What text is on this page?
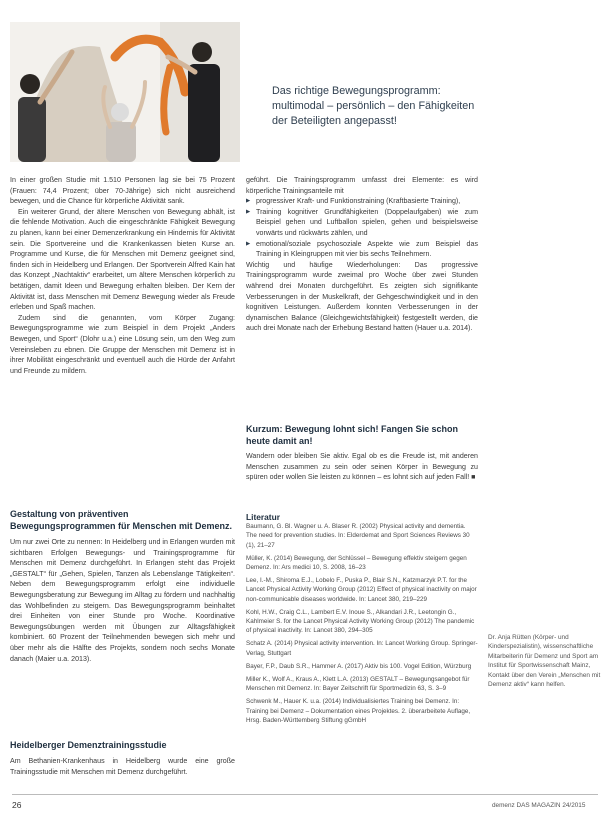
Das richtige Bewegungsprogramm: multimodal – persönlich – den Fähigkeiten der Beteiligten angepasst!

In einer großen Studie mit 1.510 Personen lag sie bei 75 Prozent (Frauen: 74,4 Prozent; über 70-Jährige) sich nicht ausreichend bewegen, und die Chance für körperliche Aktivität sank.

Ein weiterer Grund, der ältere Menschen von Bewegung abhält, ist die fehlende Motivation. Auch die eingeschränkte Fähigkeit Bewegung zu planen, kann bei einer Demenzerkrankung ein Hindernis für Aktivität sein. Die Sportvereine und die Krankenkassen bieten Kurse an. Programme und Kurse, die für Menschen mit Demenz geeignet sind, finden sich in Heidelberg und Erlangen. Der Sportverein Alfred Kain hat das Konzept „Nachtaktiv“ erarbeitet, um ältere Menschen körperlich zu betätigen, damit Ideen und Bewegung erhalten bleiben. Der Kern der Aktivität ist, dass Menschen mit Demenz Bewegung wieder als Freude erleben und Spaß machen.

Zudem sind die genannten, vom Körper Zugang: Bewegungsprogramme wie zum Beispiel in dem Projekt „Anders Bewegen, und Sport“ (Dlohr u.a.) eine Lösung sein, um den Weg zum Vereinsleben zu ebnen. Die Gruppe der Menschen mit Demenz ist in ihrer Mobilität eingeschränkt und eventuell auch die Hürde der Anfahrt und Freunde zu mildern.

Gestaltung von präventiven Bewegungsprogrammen für Menschen mit Demenz.

Um nur zwei Orte zu nennen: In Heidelberg und in Erlangen wurden mit sichtbaren Erfolgen Bewegungs- und Trainingsprogramme für Menschen mit Demenz durchgeführt. In Erlangen steht das Projekt „GESTALT“ für „Gehen, Spielen, Tanzen als Lebenslange Tätigkeiten“. Neben dem Bewegungsprogramm erfolgt eine individuelle Bewegungsberatung zur Bewegung im Alltag zu fördern und nachhaltig das Wohlbefinden zu steigern. Das Bewegungsprogramm beinhaltet drei Einheiten von einer Stunde pro Woche. Koordinative Bewegungsübungen werden mit Übungen zur Alltagsfähigkeit kombiniert. 60 Prozent der Teilnehmenden bewegen sich mehr und über mehr als die Hälfte des Projekts, sondern noch sechs Monate danach (Maier u.a. 2013).

Heidelberger Demenztrainingsstudie

Am Bethanien-Krankenhaus in Heidelberg wurde eine große Trainingsstudie mit Menschen mit Demenz durchgeführt.

geführt. Die Trainingsprogramm umfasst drei Elemente: es wird körperliche Trainingsanteile mit

▶ progressiver Kraft- und Funktionstraining (Kraftbasierte Training),
▶ Training kognitiver Grundfähigkeiten (Doppelaufgaben) wie zum Beispiel gehen und Luftballon spielen, gehen und beispielsweise vorwärts und rückwärts zählen, und
▶ emotional/soziale psychosoziale Aspekte wie zum Beispiel das Training in Kleingruppen mit vier bis sechs Teilnehmern.

Wichtig und häufige Wiederholungen: Das progressive Trainingsprogramm wurde zweimal pro Woche über zwei Stunden während drei Monaten durchgeführt. Es zeigten sich signifikante Verbesserungen in der Muskelkraft, der Gehgeschwindigkeit und in den kognitiven Leistungen. Außerdem konnten Verbesserungen in der dynamischen Balance (Gleichgewichtsfähigkeit) festgestellt werden, die auch drei Monate nach der Erhebung Bestand hatten (Hauer u.a. 2014).

Kurzum: Bewegung lohnt sich! Fangen Sie schon heute damit an!

Wandern oder bleiben Sie aktiv. Egal ob es die Freude ist, mit anderen Menschen zusammen zu sein oder seinen Körper in Bewegung zu spüren oder wollen Sie leisten zu können – es lohnt sich auf jeden Fall! ■

Literatur

Baumann, G. Bl. Wagner u. A. Blaser R. (2002) Physical activity and dementia. The need for prevention studies. In: Elderdemat and Sport Sciences Reviews 30 (1), 21–27

Müller, K. (2014) Bewegung, der Schlüssel – Bewegung effektiv steigern gegen Demenz. In: Ars medici 10, S. 2008, 16–23

Lee, I.-M., Shiroma E.J., Lobelo F., Puska P., Blair S.N., Katzmarzyk P.T. for the Lancet Physical Activity Working Group (2012) Effect of physical inactivity on major non-communicable diseases worldwide. In: Lancet 380, 219–229

Kohl, H.W., Craig C.L., Lambert E.V. Inoue S., Alkandari J.R., Leetongin G., Kahlmeier S. for the Lancet Physical Activity Working Group (2012) The pandemic of physical inactivity. In: Lancet 380, 294–305

Schatz A. (2014) Physical activity intervention. In: Lancet Working Group. Springer-Verlag, Stuttgart

Bayer, F.P., Daub S.R., Hammer A. (2017) Aktiv bis 100. Vogel Edition, Würzburg

Miller K., Wolf A., Kraus A., Klett L.A. (2013) GESTALT – Bewegungsangebot für Menschen mit Demenz. In: Bayer Zeitschrift für Sportmedizin 63, S. 3–9

Schwenk M., Hauer K. u.a. (2014) Individualisiertes Training bei Demenz. In: Training bei Demenz – Dokumentation eines Projektes. 2. überarbeitete Auflage, Hrsg. Baden-Württemberg Stiftung gGmbH

Dr. Anja Rütten (Körper- und Kinderspezialistin), wissenschaftliche Mitarbeiterin für Demenz und Sport am Institut für Sportwissenschaft Mainz, Kontakt über den Verein „Menschen mit Demenz aktiv“ kann helfen.
26	demenz DAS MAGAZIN 24/2015
